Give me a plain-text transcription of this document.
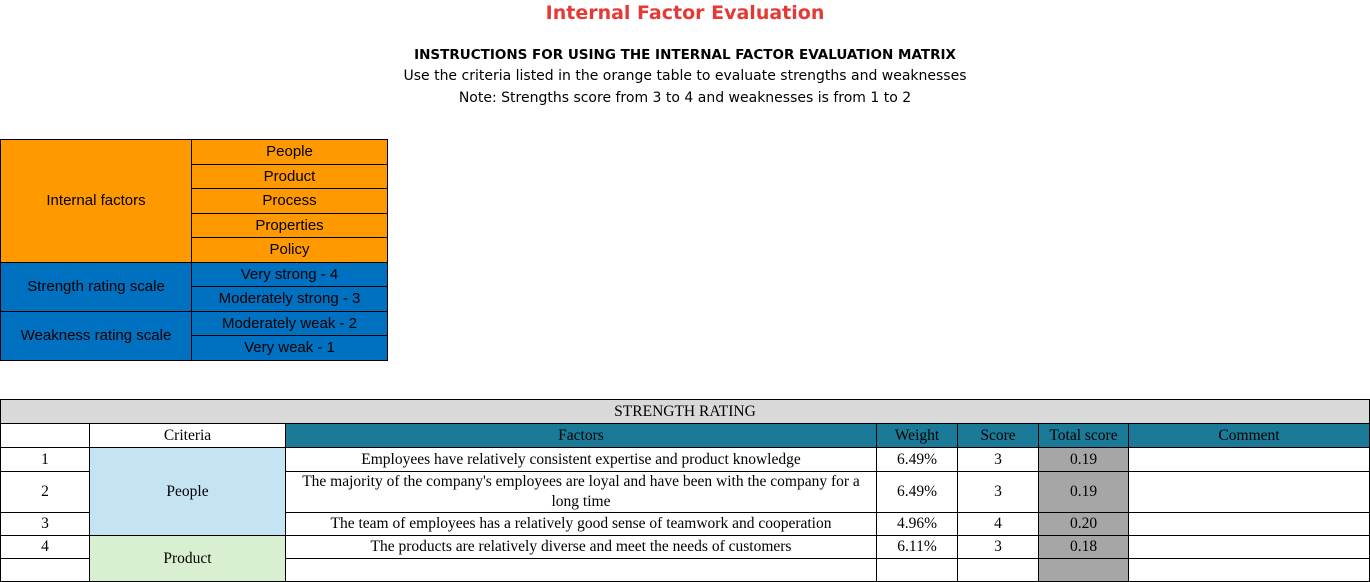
Internal Factor Evaluation
INSTRUCTIONS FOR USING THE INTERNAL FACTOR EVALUATION MATRIX
Use the criteria listed in the orange table to evaluate strengths and weaknesses
Note: Strengths score from 3 to 4 and weaknesses is from 1 to 2
Internal factors	People
	Product
	Process
	Properties
	Policy
Strength rating scale	Very strong - 4
	Moderately strong - 3
Weakness rating scale	Moderately weak - 2
	Very weak - 1
STRENGTH RATING						
	Criteria	Factors	Weight	Score	Total score	Comment
1	People	Employees have relatively consistent expertise and product knowledge	6.49%	3	0.19	
2		The majority of the company's employees are loyal and have been with the company for a long time	6.49%	3	0.19	
3		The team of employees has a relatively good sense of teamwork and cooperation	4.96%	4	0.20	
4	Product	The products are relatively diverse and meet the needs of customers	6.11%	3	0.18	
